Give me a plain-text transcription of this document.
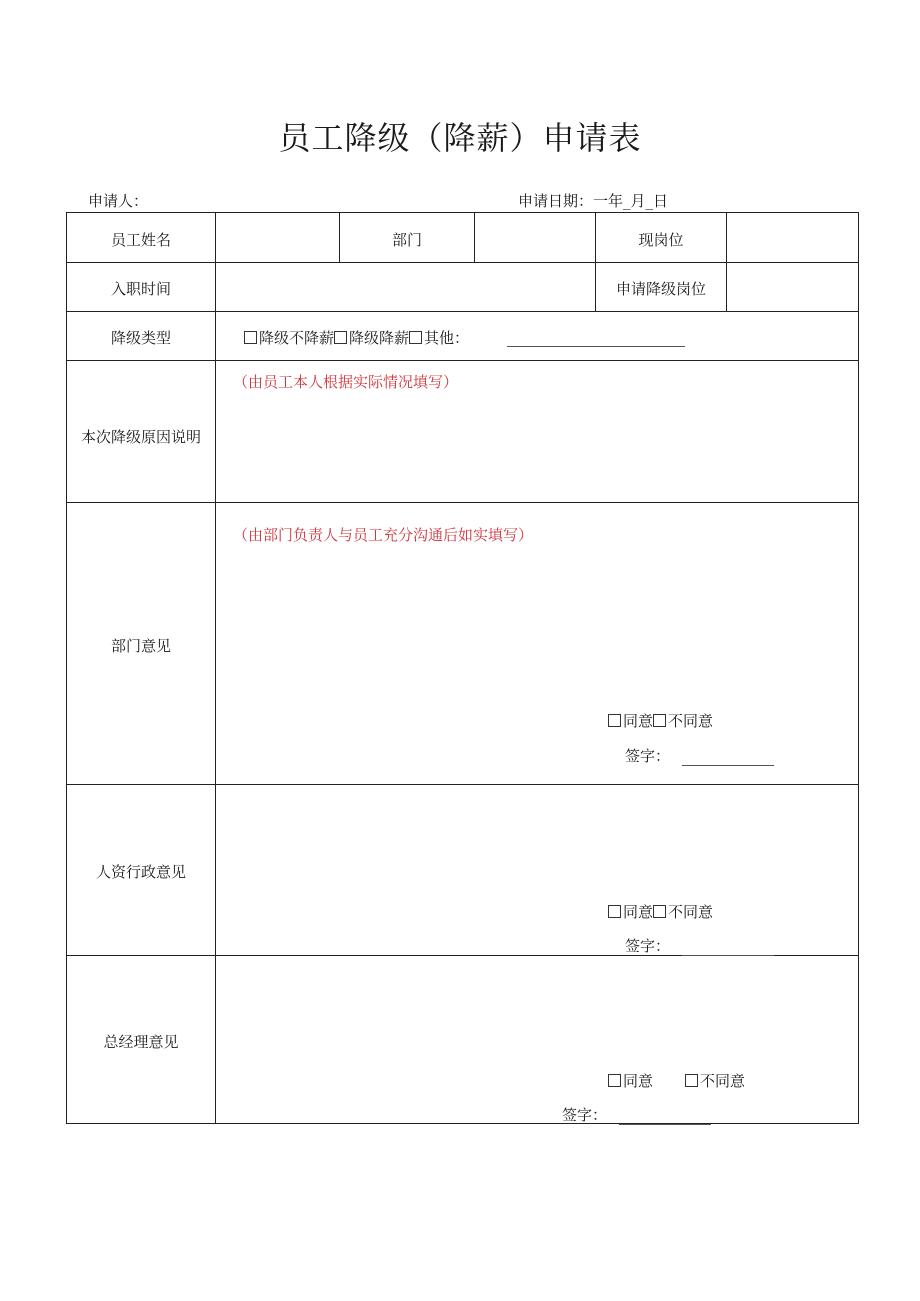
员工降级（降薪）申请表
申请人：	申请日期：一年_月_日
员工姓名	部门	现岗位
入职时间	申请降级岗位
降级类型	降级不降薪 降级降薪 其他：
本次降级原因说明
（由员工本人根据实际情况填写）
部门意见
（由部门负责人与员工充分沟通后如实填写）
同意 不同意
签字：
人资行政意见
同意 不同意
签字：
总经理意见
同意	不同意
签字：
